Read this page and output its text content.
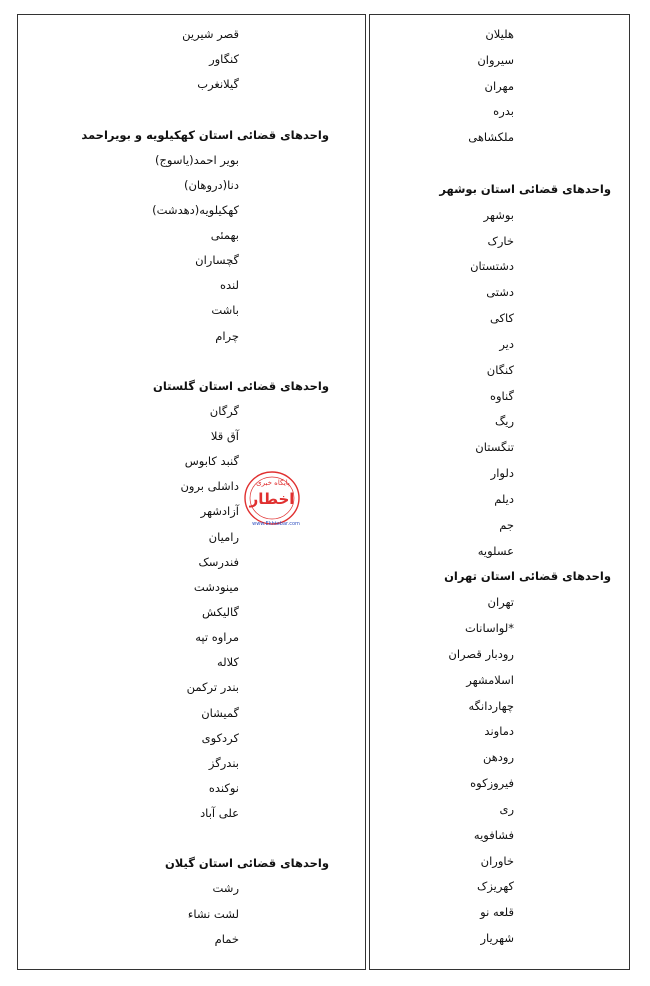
هلیلان
سیروان
مهران
بدره
ملکشاهی
واحدهای قضائی استان بوشهر
بوشهر
خارک
دشتستان
دشتی
کاکی
دیر
کنگان
گناوه
ریگ
تنگستان
دلوار
دیلم
جم
عسلویه
واحدهای قضائی استان تهران
تهران
*لواسانات
رودبار قصران
اسلامشهر
چهاردانگه
دماوند
رودهن
فیروزکوه
ری
فشافویه
خاوران
کهریزک
قلعه نو
شهریار
قصر شیرین
کنگاور
گیلانغرب
واحدهای قضائی استان کهکیلویه و بویراحمد
بویر احمد(یاسوج)
دنا(دروهان)
کهکیلویه(دهدشت)
بهمئی
گچساران
لنده
باشت
چرام
واحدهای قضائی استان گلستان
گرگان
آق قلا
گنبد کابوس
داشلی برون
آزادشهر
رامیان
فندرسک
مینودشت
گالیکش
مراوه تپه
کلاله
بندر ترکمن
گمیشان
کردکوی
بندرگز
نوکنده
علی آباد
واحدهای قضائی استان گیلان
رشت
لشت نشاء
خمام
پایگاه خبری
اخطار
www.Ekhtebar.com
